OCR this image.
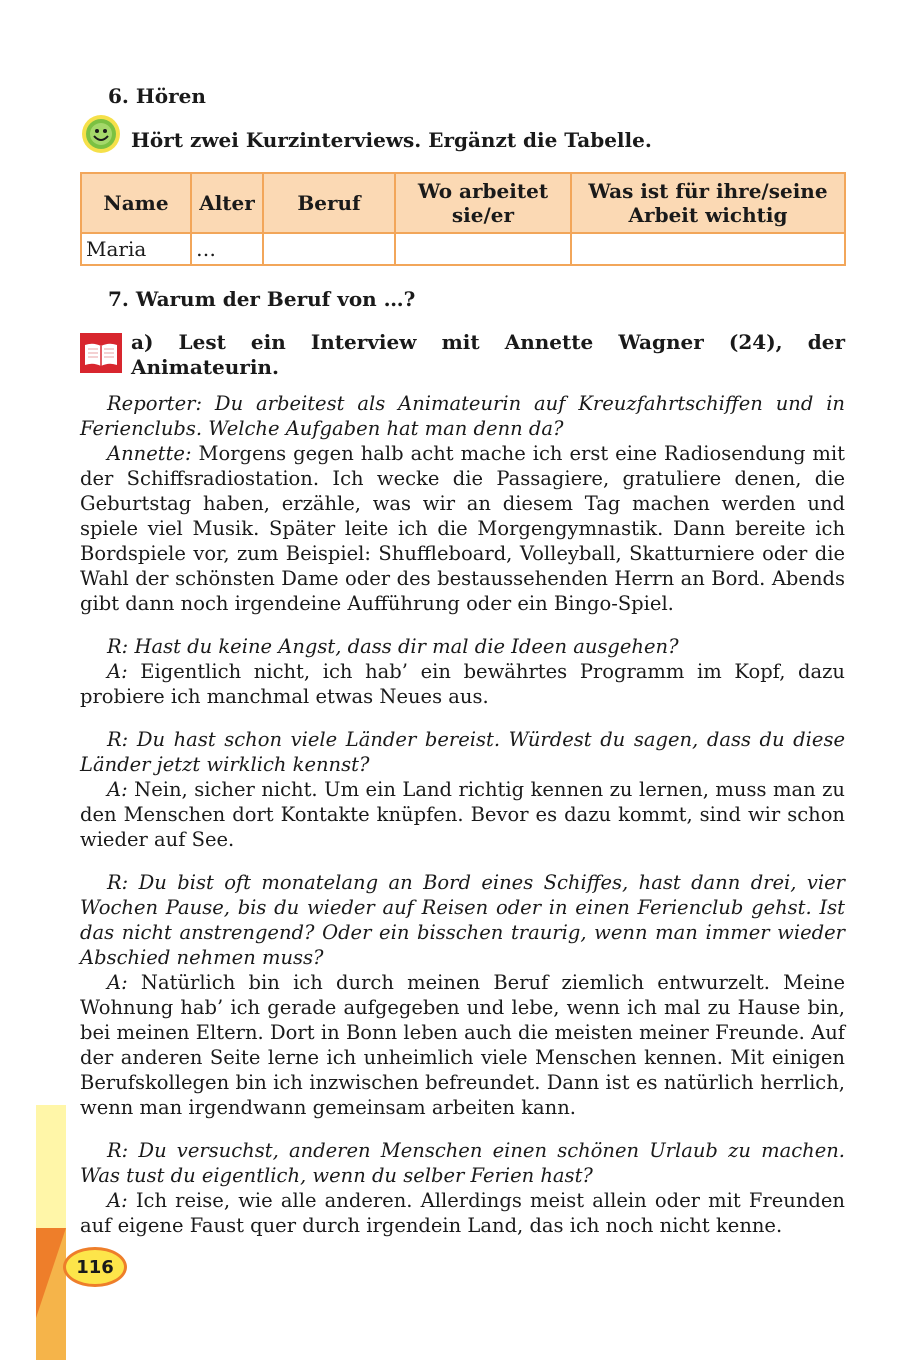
6. Hören
Hört zwei Kurzinterviews. Ergänzt die Tabelle.
Name	Alter	Beruf	Wo arbeitet sie/er	Was ist für ihre/seine Arbeit wichtig
Maria	…			
7. Warum der Beruf von …?
a) Lest ein Interview mit Annette Wagner (24), der Animateurin.

Reporter: Du arbeitest als Animateurin auf Kreuzfahrtschiffen und in Ferienclubs. Welche Aufgaben hat man denn da?

Annette: Morgens gegen halb acht mache ich erst eine Radiosendung mit der Schiffsradiostation. Ich wecke die Passagiere, gratuliere denen, die Geburtstag haben, erzähle, was wir an diesem Tag machen werden und spiele viel Musik. Später leite ich die Morgengymnastik. Dann bereite ich Bordspiele vor, zum Beispiel: Shuffleboard, Volleyball, Skatturniere oder die Wahl der schönsten Dame oder des bestaussehenden Herrn an Bord. Abends gibt dann noch irgendeine Aufführung oder ein Bingo-Spiel.

R: Hast du keine Angst, dass dir mal die Ideen ausgehen?

A: Eigentlich nicht, ich hab’ ein bewährtes Programm im Kopf, dazu probiere ich manchmal etwas Neues aus.

R: Du hast schon viele Länder bereist. Würdest du sagen, dass du diese Länder jetzt wirklich kennst?

A: Nein, sicher nicht. Um ein Land richtig kennen zu lernen, muss man zu den Menschen dort Kontakte knüpfen. Bevor es dazu kommt, sind wir schon wieder auf See.

R: Du bist oft monatelang an Bord eines Schiffes, hast dann drei, vier Wochen Pause, bis du wieder auf Reisen oder in einen Ferienclub gehst. Ist das nicht anstrengend? Oder ein bisschen traurig, wenn man immer wieder Abschied nehmen muss?

A: Natürlich bin ich durch meinen Beruf ziemlich entwurzelt. Meine Wohnung hab’ ich gerade aufgegeben und lebe, wenn ich mal zu Hause bin, bei meinen Eltern. Dort in Bonn leben auch die meisten meiner Freunde. Auf der anderen Seite lerne ich unheimlich viele Menschen kennen. Mit einigen Berufskollegen bin ich inzwischen befreundet. Dann ist es natürlich herrlich, wenn man irgendwann gemeinsam arbeiten kann.

R: Du versuchst, anderen Menschen einen schönen Urlaub zu machen. Was tust du eigentlich, wenn du selber Ferien hast?

A: Ich reise, wie alle anderen. Allerdings meist allein oder mit Freunden auf eigene Faust quer durch irgendein Land, das ich noch nicht kenne.

116
